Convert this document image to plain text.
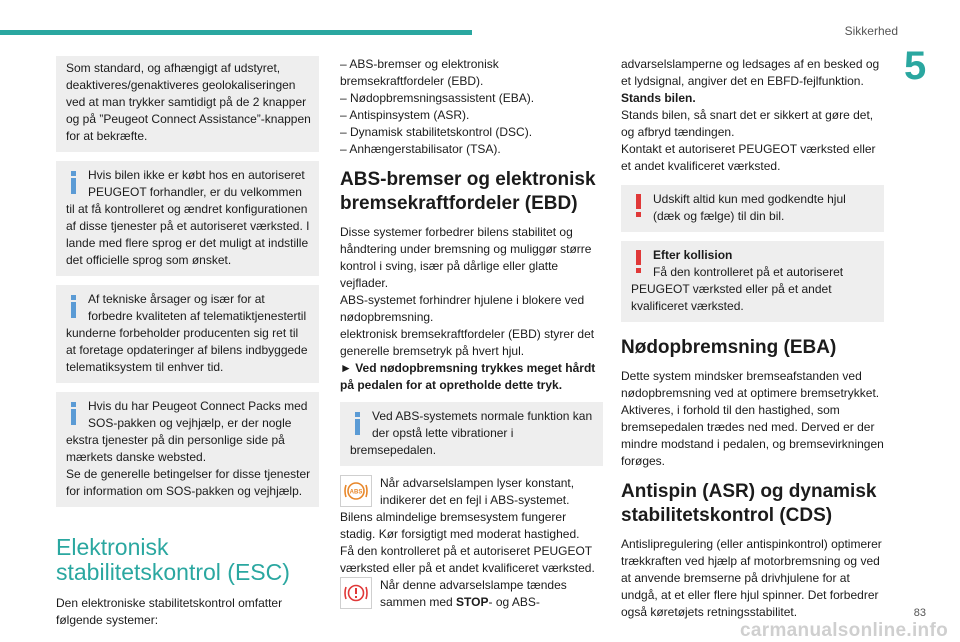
Sikkerhed
5

Som standard, og afhængigt af udstyret, deaktiveres/genaktiveres geolokaliseringen ved at man trykker samtidigt på de 2 knapper og på ”Peugeot Connect Assistance”-knappen for at bekræfte.

Hvis bilen ikke er købt hos en autoriseret PEUGEOT forhandler, er du velkommen til at få kontrolleret og ændret konfigurationen af disse tjenester på et autoriseret værksted. I lande med flere sprog er det muligt at indstille det officielle sprog som ønsket.

Af tekniske årsager og især for at forbedre kvaliteten af telematiktjenestertil kunderne forbeholder producenten sig ret til at foretage opdateringer af bilens indbyggede telematiksystem til enhver tid.

Hvis du har Peugeot Connect Packs med SOS-pakken og vejhjælp, er der nogle ekstra tjenester på din personlige side på mærkets danske websted.

Se de generelle betingelser for disse tjenester for information om SOS-pakken og vejhjælp.

Elektronisk stabilitetskontrol (ESC)

Den elektroniske stabilitetskontrol omfatter følgende systemer:

– ABS-bremser og elektronisk bremsekraftfordeler (EBD).

– Nødopbremsningsassistent (EBA).

– Antispinsystem (ASR).

– Dynamisk stabilitetskontrol (DSC).

– Anhængerstabilisator (TSA).

ABS-bremser og elektronisk bremsekraftfordeler (EBD)

Disse systemer forbedrer bilens stabilitet og håndtering under bremsning og muliggør større kontrol i sving, især på dårlige eller glatte vejflader.

ABS-systemet forhindrer hjulene i blokere ved nødopbremsning.

elektronisk bremsekraftfordeler (EBD) styrer det generelle bremsetryk på hvert hjul.

► Ved nødopbremsning trykkes meget hårdt på pedalen for at opretholde dette tryk.

Ved ABS-systemets normale funktion kan der opstå lette vibrationer i bremsepedalen.

ABS

Når advarselslampen lyser konstant, indikerer det en fejl i ABS-systemet.

Bilens almindelige bremsesystem fungerer stadig. Kør forsigtigt med moderat hastighed.

Få den kontrolleret på et autoriseret PEUGEOT værksted eller på et andet kvalificeret værksted.

Når denne advarselslampe tændes sammen med STOP- og ABS-

advarselslamperne og ledsages af en besked og et lydsignal, angiver det en EBFD-fejlfunktion.

Stands bilen.

Stands bilen, så snart det er sikkert at gøre det, og afbryd tændingen.

Kontakt et autoriseret PEUGEOT værksted eller et andet kvalificeret værksted.

Udskift altid kun med godkendte hjul (dæk og fælge) til din bil.

Efter kollision

Få den kontrolleret på et autoriseret PEUGEOT værksted eller på et andet kvalificeret værksted.

Nødopbremsning (EBA)

Dette system mindsker bremseafstanden ved nødopbremsning ved at optimere bremsetrykket.

Aktiveres, i forhold til den hastighed, som bremsepedalen trædes ned med. Derved er der mindre modstand i pedalen, og bremsevirkningen forøges.

Antispin (ASR) og dynamisk stabilitetskontrol (CDS)

Antislipregulering (eller antispinkontrol) optimerer trækkraften ved hjælp af motorbremsning og ved at anvende bremserne på drivhjulene for at undgå, at et eller flere hjul spinner. Det forbedrer også køretøjets retningsstabilitet.	83
carmanualsonline.info
